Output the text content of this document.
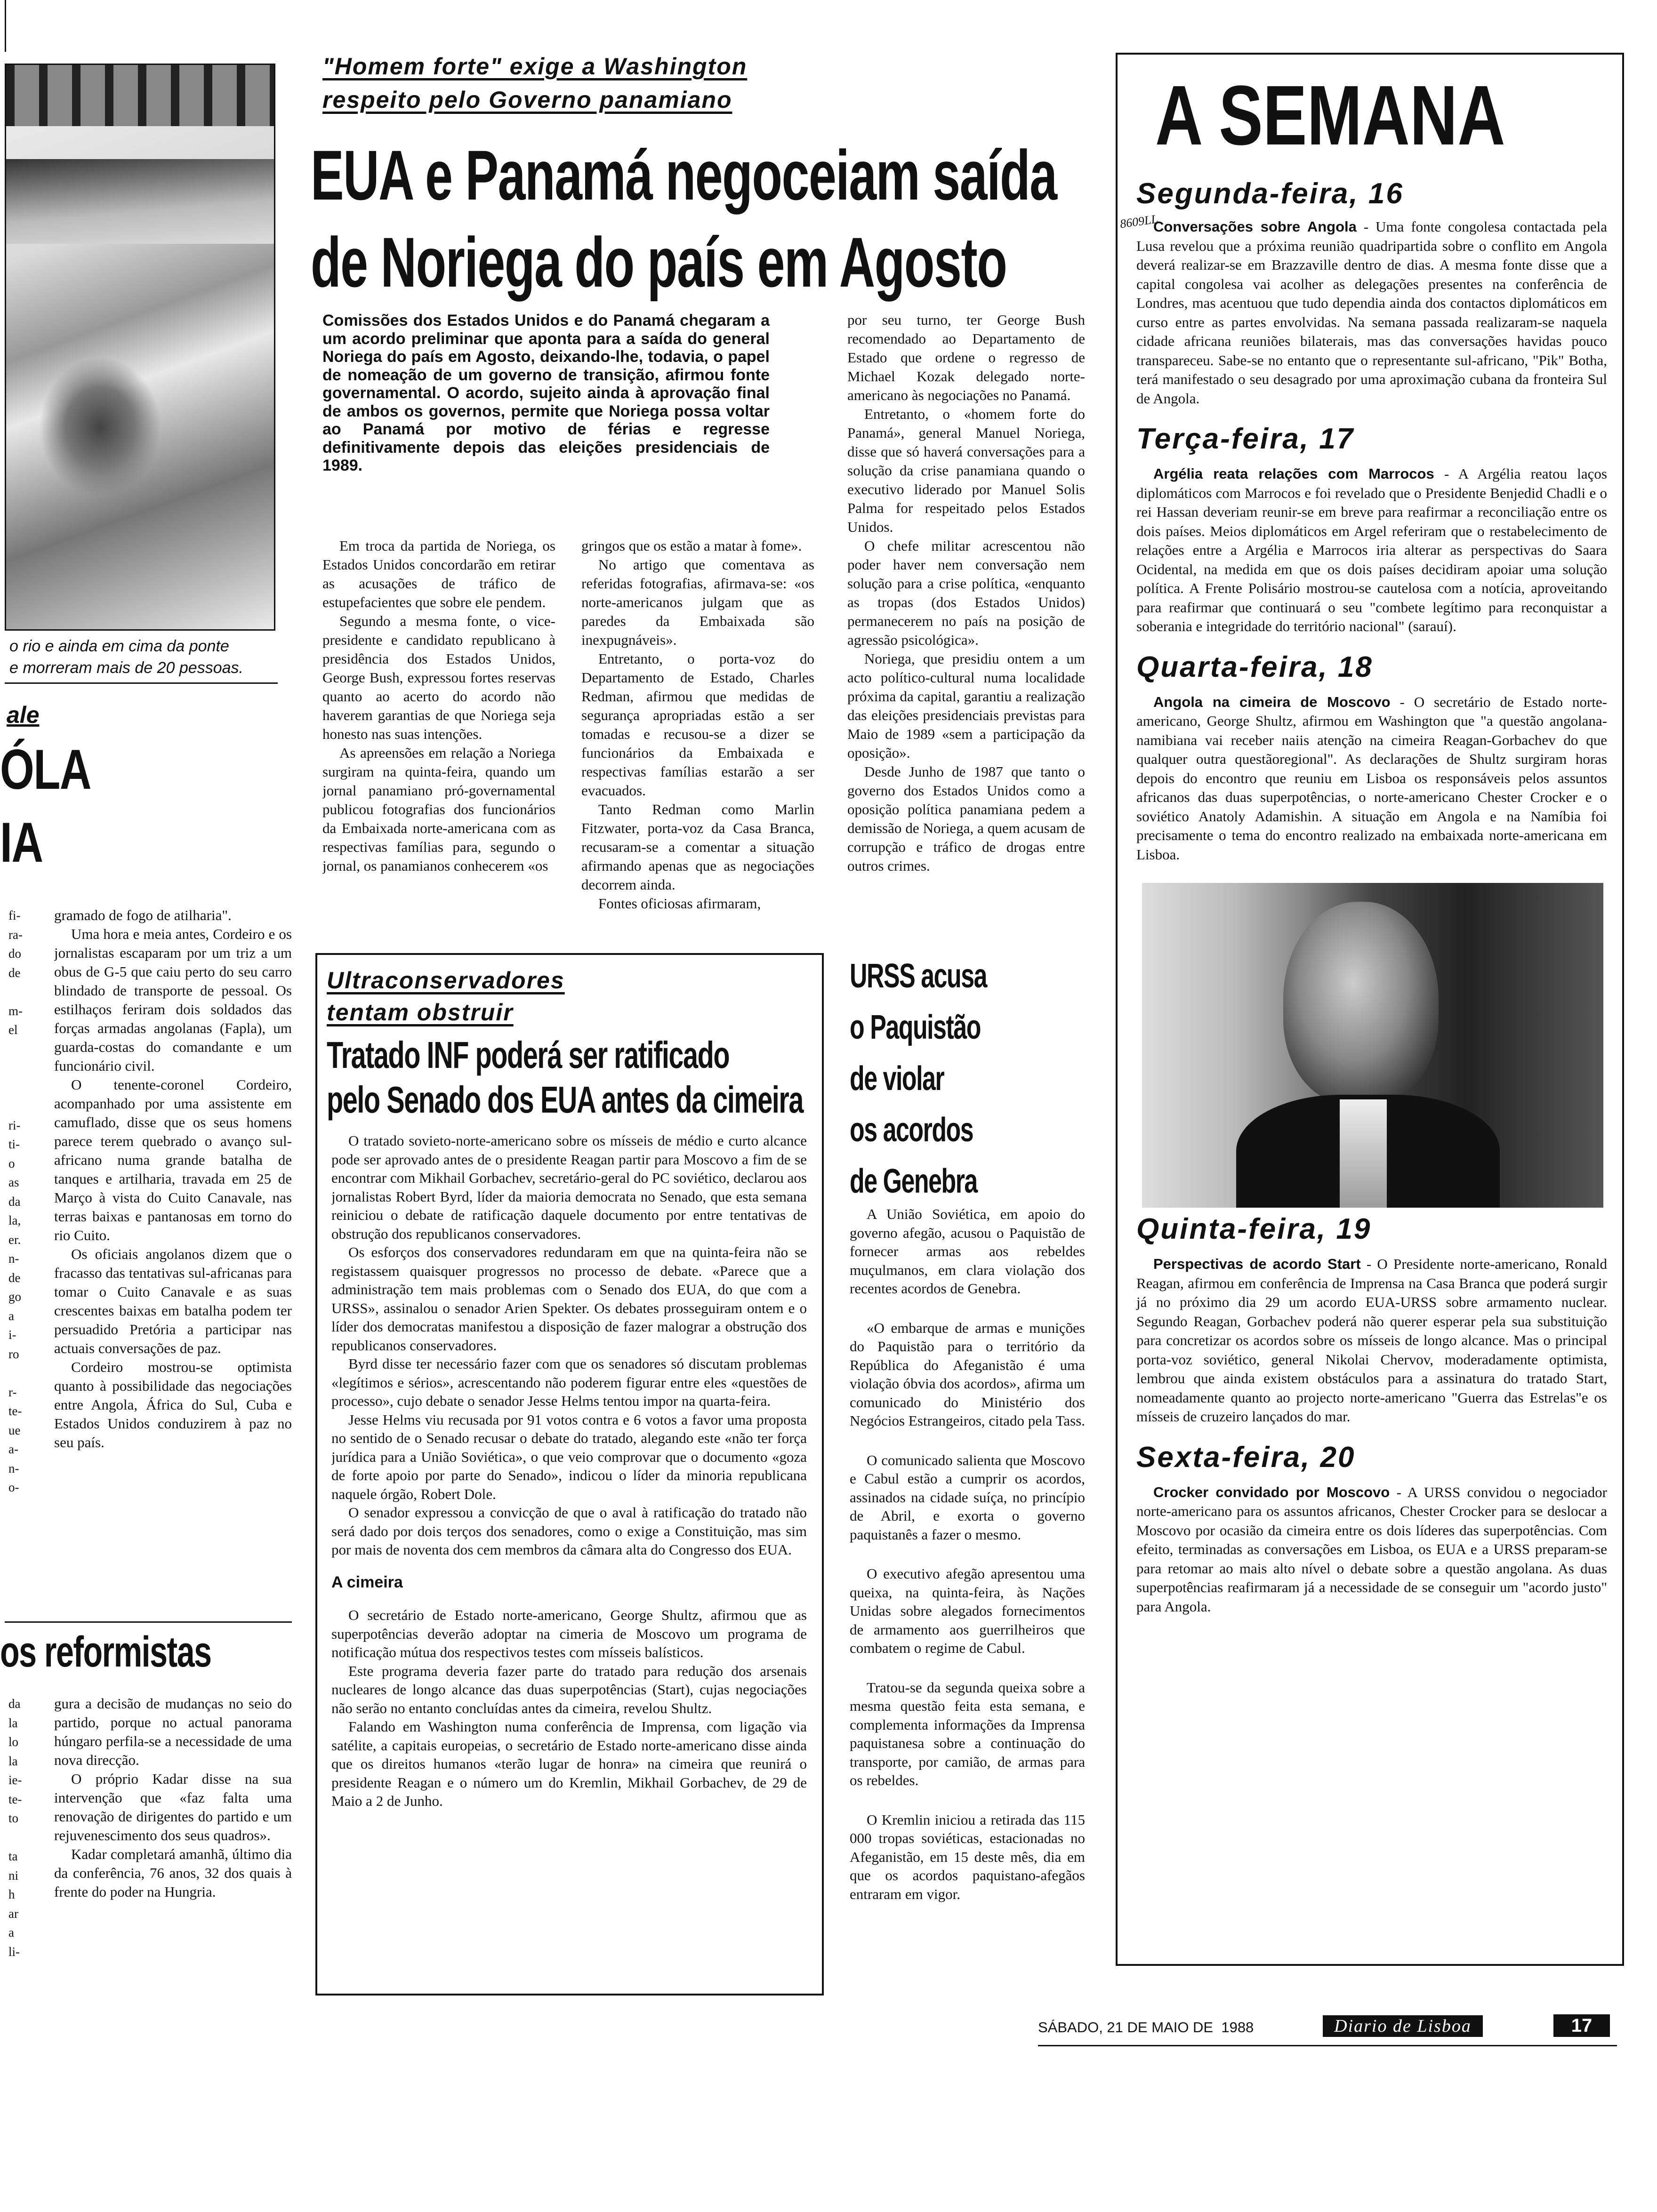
o rio e ainda em cima da ponte
e morreram mais de 20 pessoas.
ale
ÓLA
IA
fi-
ra-
do
de

m-
el

ri-
ti-
o
as
da
la,
er.
n-
de
go
a
i-
ro

r-
te-
ue
a-
n-
o-

gramado de fogo de atilharia".

Uma hora e meia antes, Cordeiro e os jornalistas escaparam por um triz a um obus de G-5 que caiu perto do seu carro blindado de transporte de pessoal. Os estilhaços feriram dois soldados das forças armadas angolanas (Fapla), um guarda-costas do comandante e um funcionário civil.

O tenente-coronel Cordeiro, acompanhado por uma assistente em camuflado, disse que os seus homens parece terem quebrado o avanço sul-africano numa grande batalha de tanques e artilharia, travada em 25 de Março à vista do Cuito Canavale, nas terras baixas e pantanosas em torno do rio Cuito.

Os oficiais angolanos dizem que o fracasso das tentativas sul-africanas para tomar o Cuito Canavale e as suas crescentes baixas em batalha podem ter persuadido Pretória a participar nas actuais conversações de paz.

Cordeiro mostrou-se optimista quanto à possibilidade das negociações entre Angola, África do Sul, Cuba e Estados Unidos conduzirem à paz no seu país.

os reformistas
da
la
lo
la
ie-
te-
to

ta
ni
h
ar
a
li-

gura a decisão de mudanças no seio do partido, porque no actual panorama húngaro perfila-se a necessidade de uma nova direcção.

O próprio Kadar disse na sua intervenção que «faz falta uma renovação de dirigentes do partido e um rejuvenescimento dos seus quadros».

Kadar completará amanhã, último dia da conferência, 76 anos, 32 dos quais à frente do poder na Hungria.

"Homem forte" exige a Washington
respeito pelo Governo panamiano
EUA e Panamá negoceiam saída
de Noriega do país em Agosto
Comissões dos Estados Unidos e do Panamá chegaram a um acordo preliminar que aponta para a saída do general Noriega do país em Agosto, deixando-lhe, todavia, o papel de nomeação de um governo de transição, afirmou fonte governamental. O acordo, sujeito ainda à aprovação final de ambos os governos, permite que Noriega possa voltar ao Panamá por motivo de férias e regresse definitivamente depois das eleições presidenciais de 1989.

Em troca da partida de Noriega, os Estados Unidos concordarão em retirar as acusações de tráfico de estupefacientes que sobre ele pendem.

Segundo a mesma fonte, o vice-presidente e candidato republicano à presidência dos Estados Unidos, George Bush, expressou fortes reservas quanto ao acerto do acordo não haverem garantias de que Noriega seja honesto nas suas intenções.

As apreensões em relação a Noriega surgiram na quinta-feira, quando um jornal panamiano pró-governamental publicou fotografias dos funcionários da Embaixada norte-americana com as respectivas famílias para, segundo o jornal, os panamianos conhecerem «os

gringos que os estão a matar à fome».

No artigo que comentava as referidas fotografias, afirmava-se: «os norte-americanos julgam que as paredes da Embaixada são inexpugnáveis».

Entretanto, o porta-voz do Departamento de Estado, Charles Redman, afirmou que medidas de segurança apropriadas estão a ser tomadas e recusou-se a dizer se funcionários da Embaixada e respectivas famílias estarão a ser evacuados.

Tanto Redman como Marlin Fitzwater, porta-voz da Casa Branca, recusaram-se a comentar a situação afirmando apenas que as negociações decorrem ainda.

Fontes oficiosas afirmaram,

por seu turno, ter George Bush recomendado ao Departamento de Estado que ordene o regresso de Michael Kozak delegado norte-americano às negociações no Panamá.

Entretanto, o «homem forte do Panamá», general Manuel Noriega, disse que só haverá conversações para a solução da crise panamiana quando o executivo liderado por Manuel Solis Palma for respeitado pelos Estados Unidos.

O chefe militar acrescentou não poder haver nem conversação nem solução para a crise política, «enquanto as tropas (dos Estados Unidos) permanecerem no país na posição de agressão psicológica».

Noriega, que presidiu ontem a um acto político-cultural numa localidade próxima da capital, garantiu a realização das eleições presidenciais previstas para Maio de 1989 «sem a participação da oposição».

Desde Junho de 1987 que tanto o governo dos Estados Unidos como a oposição política panamiana pedem a demissão de Noriega, a quem acusam de corrupção e tráfico de drogas entre outros crimes.

Ultraconservadores
tentam obstruir
Tratado INF poderá ser ratificado
pelo Senado dos EUA antes da cimeira

O tratado sovieto-norte-americano sobre os mísseis de médio e curto alcance pode ser aprovado antes de o presidente Reagan partir para Moscovo a fim de se encontrar com Mikhail Gorbachev, secretário-geral do PC soviético, declarou aos jornalistas Robert Byrd, líder da maioria democrata no Senado, que esta semana reiniciou o debate de ratificação daquele documento por entre tentativas de obstrução dos republicanos conservadores.

Os esforços dos conservadores redundaram em que na quinta-feira não se registassem quaisquer progressos no processo de debate. «Parece que a administração tem mais problemas com o Senado dos EUA, do que com a URSS», assinalou o senador Arien Spekter. Os debates prosseguiram ontem e o líder dos democratas manifestou a disposição de fazer malograr a obstrução dos republicanos conservadores.

Byrd disse ter necessário fazer com que os senadores só discutam problemas «legítimos e sérios», acrescentando não poderem figurar entre eles «questões de processo», cujo debate o senador Jesse Helms tentou impor na quarta-feira.

Jesse Helms viu recusada por 91 votos contra e 6 votos a favor uma proposta no sentido de o Senado recusar o debate do tratado, alegando este «não ter força jurídica para a União Soviética», o que veio comprovar que o documento «goza de forte apoio por parte do Senado», indicou o líder da minoria republicana naquele órgão, Robert Dole.

O senador expressou a convicção de que o aval à ratificação do tratado não será dado por dois terços dos senadores, como o exige a Constituição, mas sim por mais de noventa dos cem membros da câmara alta do Congresso dos EUA.

A cimeira

O secretário de Estado norte-americano, George Shultz, afirmou que as superpotências deverão adoptar na cimeria de Moscovo um programa de notificação mútua dos respectivos testes com mísseis balísticos.

Este programa deveria fazer parte do tratado para redução dos arsenais nucleares de longo alcance das duas superpotências (Start), cujas negociações não serão no entanto concluídas antes da cimeira, revelou Shultz.

Falando em Washington numa conferência de Imprensa, com ligação via satélite, a capitais europeias, o secretário de Estado norte-americano disse ainda que os direitos humanos «terão lugar de honra» na cimeira que reunirá o presidente Reagan e o número um do Kremlin, Mikhail Gorbachev, de 29 de Maio a 2 de Junho.

URSS acusa
o Paquistão
de violar
os acordos
de Genebra

A União Soviética, em apoio do governo afegão, acusou o Paquistão de fornecer armas aos rebeldes muçulmanos, em clara violação dos recentes acordos de Genebra.

«O embarque de armas e munições do Paquistão para o território da República do Afeganistão é uma violação óbvia dos acordos», afirma um comunicado do Ministério dos Negócios Estrangeiros, citado pela Tass.

O comunicado salienta que Moscovo e Cabul estão a cumprir os acordos, assinados na cidade suíça, no princípio de Abril, e exorta o governo paquistanês a fazer o mesmo.

O executivo afegão apresentou uma queixa, na quinta-feira, às Nações Unidas sobre alegados fornecimentos de armamento aos guerrilheiros que combatem o regime de Cabul.

Tratou-se da segunda queixa sobre a mesma questão feita esta semana, e complementa informações da Imprensa paquistanesa sobre a continuação do transporte, por camião, de armas para os rebeldes.

O Kremlin iniciou a retirada das 115 000 tropas soviéticas, estacionadas no Afeganistão, em 15 deste mês, dia em que os acordos paquistano-afegãos entraram em vigor.

A SEMANA
8609LL
Segunda-feira, 16

Conversações sobre Angola - Uma fonte congolesa contactada pela Lusa revelou que a próxima reunião quadripartida sobre o conflito em Angola deverá realizar-se em Brazzaville dentro de dias. A mesma fonte disse que a capital congolesa vai acolher as delegações presentes na conferência de Londres, mas acentuou que tudo dependia ainda dos contactos diplomáticos em curso entre as partes envolvidas. Na semana passada realizaram-se naquela cidade africana reuniões bilaterais, mas das conversações havidas pouco transpareceu. Sabe-se no entanto que o representante sul-africano, "Pik" Botha, terá manifestado o seu desagrado por uma aproximação cubana da fronteira Sul de Angola.

Terça-feira, 17

Argélia reata relações com Marrocos - A Argélia reatou laços diplomáticos com Marrocos e foi revelado que o Presidente Benjedid Chadli e o rei Hassan deveriam reunir-se em breve para reafirmar a reconciliação entre os dois países. Meios diplomáticos em Argel referiram que o restabelecimento de relações entre a Argélia e Marrocos iria alterar as perspectivas do Saara Ocidental, na medida em que os dois países decidiram apoiar uma solução política. A Frente Polisário mostrou-se cautelosa com a notícia, aproveitando para reafirmar que continuará o seu "combete legítimo para reconquistar a soberania e integridade do território nacional" (sarauí).

Quarta-feira, 18

Angola na cimeira de Moscovo - O secretário de Estado norte-americano, George Shultz, afirmou em Washington que "a questão angolana-namibiana vai receber naiis atenção na cimeira Reagan-Gorbachev do que qualquer outra questãoregional". As declarações de Shultz surgiram horas depois do encontro que reuniu em Lisboa os responsáveis pelos assuntos africanos das duas superpotências, o norte-americano Chester Crocker e o soviético Anatoly Adamishin. A situação em Angola e na Namíbia foi precisamente o tema do encontro realizado na embaixada norte-americana em Lisboa.

Quinta-feira, 19

Perspectivas de acordo Start - O Presidente norte-americano, Ronald Reagan, afirmou em conferência de Imprensa na Casa Branca que poderá surgir já no próximo dia 29 um acordo EUA-URSS sobre armamento nuclear. Segundo Reagan, Gorbachev poderá não querer esperar pela sua substituição para concretizar os acordos sobre os mísseis de longo alcance. Mas o principal porta-voz soviético, general Nikolai Chervov, moderadamente optimista, lembrou que ainda existem obstáculos para a assinatura do tratado Start, nomeadamente quanto ao projecto norte-americano "Guerra das Estrelas"e os mísseis de cruzeiro lançados do mar.

Sexta-feira, 20

Crocker convidado por Moscovo - A URSS convidou o negociador norte-americano para os assuntos africanos, Chester Crocker para se deslocar a Moscovo por ocasião da cimeira entre os dois líderes das superpotências. Com efeito, terminadas as conversações em Lisboa, os EUA e a URSS preparam-se para retomar ao mais alto nível o debate sobre a questão angolana. As duas superpotências reafirmaram já a necessidade de se conseguir um "acordo justo" para Angola.

SÁBADO, 21 DE MAIO DE  1988	Diario de Lisboa	17
